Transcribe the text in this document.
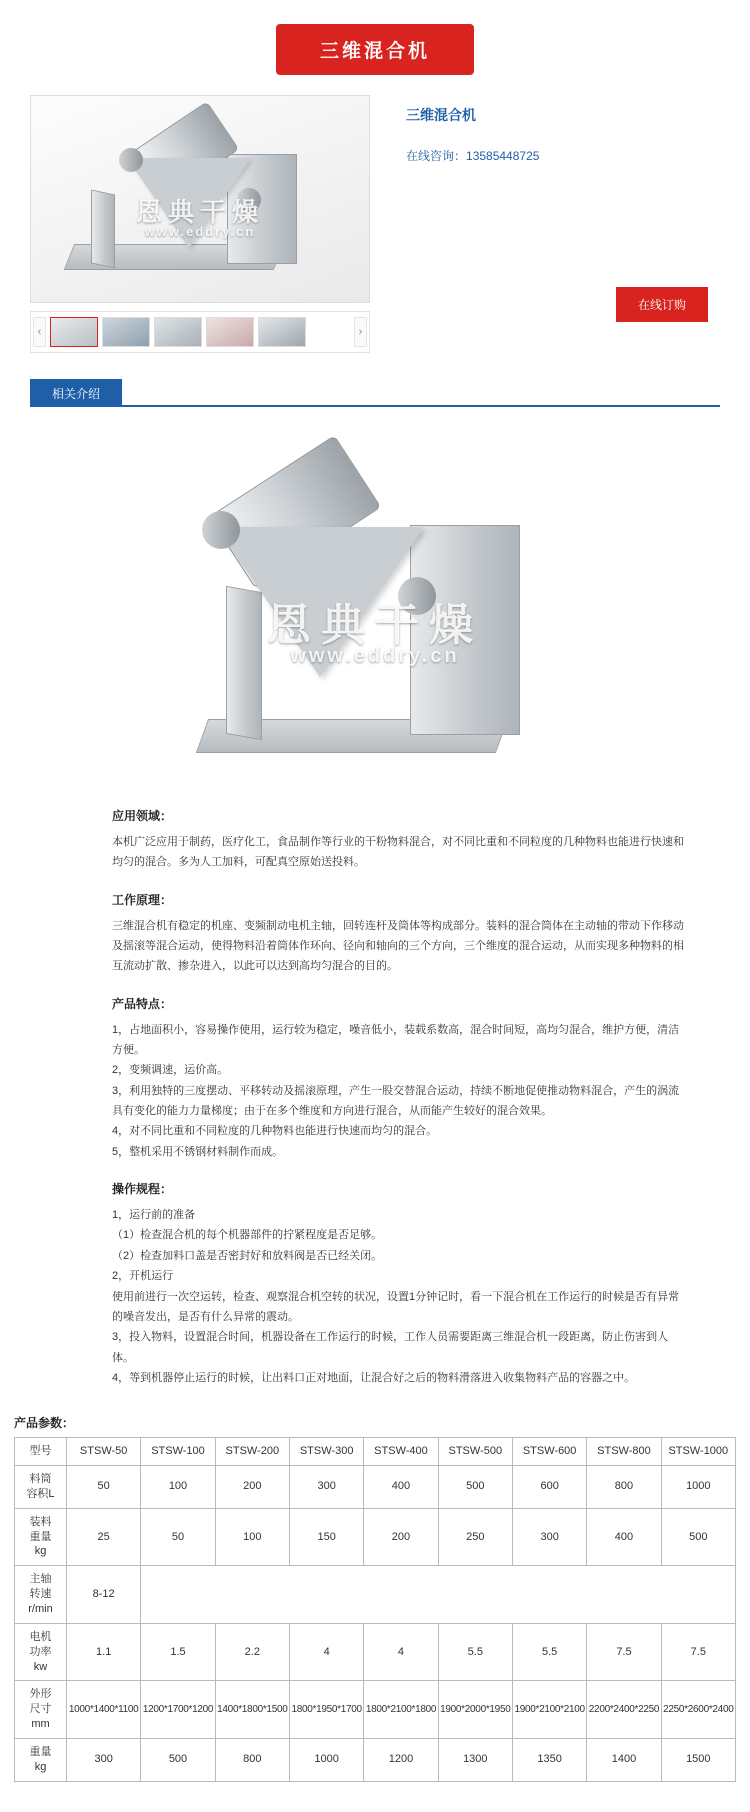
三维混合机
恩典干燥
www.eddry.cn
‹	›
三维混合机
在线咨询：13585448725
在线订购
相关介绍
恩典干燥
www.eddry.cn
应用领域：

本机广泛应用于制药，医疗化工，食品制作等行业的干粉物料混合，对不同比重和不同粒度的几种物料也能进行快速和均匀的混合。多为人工加料，可配真空原始送投料。

工作原理：

三维混合机有稳定的机座、变频制动电机主轴，回转连杆及筒体等构成部分。装料的混合筒体在主动轴的带动下作移动及摇滚等混合运动，使得物料沿着筒体作环向、径向和轴向的三个方向，三个维度的混合运动，从而实现多种物料的相互流动扩散、掺杂进入，以此可以达到高均匀混合的目的。

产品特点：

1，占地面积小，容易操作使用，运行较为稳定，噪音低小，装载系数高，混合时间短，高均匀混合，维护方便，清洁方便。

2，变频调速，运价高。

3，利用独特的三度摆动、平移转动及摇滚原理，产生一股交替混合运动，持续不断地促使推动物料混合，产生的涡流具有变化的能力力量梯度；由于在多个维度和方向进行混合，从而能产生较好的混合效果。

4，对不同比重和不同粒度的几种物料也能进行快速而均匀的混合。

5，整机采用不锈钢材料制作而成。

操作规程：

1，运行前的准备

（1）检查混合机的每个机器部件的拧紧程度是否足够。

（2）检查加料口盖是否密封好和放料阀是否已经关闭。

2，开机运行

使用前进行一次空运转，检查、观察混合机空转的状况，设置1分钟记时，看一下混合机在工作运行的时候是否有异常的噪音发出，是否有什么异常的震动。

3，投入物料，设置混合时间，机器设备在工作运行的时候，工作人员需要距离三维混合机一段距离，防止伤害到人体。

4，等到机器停止运行的时候，让出料口正对地面，让混合好之后的物料滑落进入收集物料产品的容器之中。

产品参数：
型号	STSW-50	STSW-100	STSW-200	STSW-300	STSW-400	STSW-500	STSW-600	STSW-800	STSW-1000
料筒
容积L	50	100	200	300	400	500	600	800	1000
装料
重量
kg	25	50	100	150	200	250	300	400	500
主轴
转速
r/min	8-12								
电机
功率
kw	1.1	1.5	2.2	4	4	5.5	5.5	7.5	7.5
外形
尺寸
mm	1000*1400*1100	1200*1700*1200	1400*1800*1500	1800*1950*1700	1800*2100*1800	1900*2000*1950	1900*2100*2100	2200*2400*2250	2250*2600*2400
重量
kg	300	500	800	1000	1200	1300	1350	1400	1500
